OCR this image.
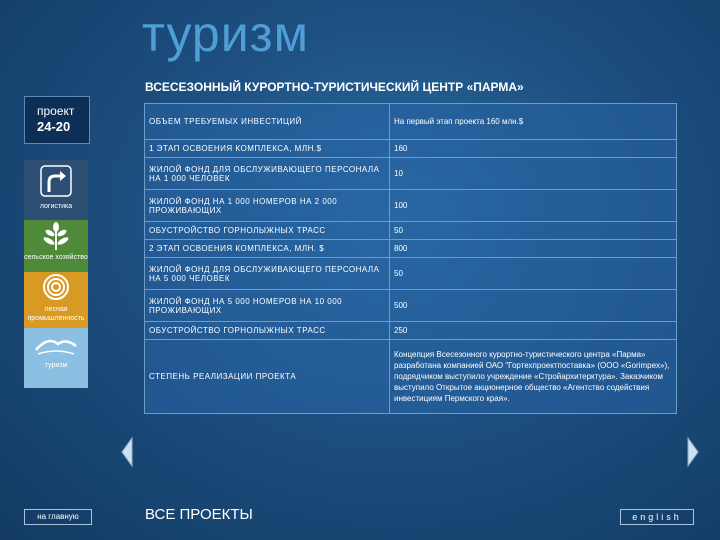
туризм
ВСЕСЕЗОННЫЙ КУРОРТНО-ТУРИСТИЧЕСКИЙ ЦЕНТР «ПАРМА»
проект
24-20
логистика
сельское хозяйство
лесная промышленность
туризм
ОБЪЕМ ТРЕБУЕМЫХ ИНВЕСТИЦИЙ	На первый этап проекта 160 млн.$
1 ЭТАП ОСВОЕНИЯ КОМПЛЕКСА, МЛН.$	160
ЖИЛОЙ ФОНД ДЛЯ ОБСЛУЖИВАЮЩЕГО ПЕРСОНАЛА НА 1 000 ЧЕЛОВЕК	10
ЖИЛОЙ ФОНД НА 1 000 НОМЕРОВ НА 2 000 ПРОЖИВАЮЩИХ	100
ОБУСТРОЙСТВО ГОРНОЛЫЖНЫХ ТРАСС	50
2 ЭТАП ОСВОЕНИЯ КОМПЛЕКСА, МЛН. $	800
ЖИЛОЙ ФОНД ДЛЯ ОБСЛУЖИВАЮЩЕГО ПЕРСОНАЛА НА 5 000 ЧЕЛОВЕК	50
ЖИЛОЙ ФОНД НА 5 000 НОМЕРОВ НА 10 000 ПРОЖИВАЮЩИХ	500
ОБУСТРОЙСТВО ГОРНОЛЫЖНЫХ ТРАСС	250
СТЕПЕНЬ РЕАЛИЗАЦИИ ПРОЕКТА	Концепция Всесезонного курортно-туристического центра «Парма» разработана компанией ОАО "Гортехпроектпоставка» (ООО «Gorimpex»), подрядчиком выступило учреждение «Стройархитерктура». Заказчиком выступило Открытое акционерное общество «Агентство содействия инвестициям Пермского края».
на главную	ВСЕ ПРОЕКТЫ	english
